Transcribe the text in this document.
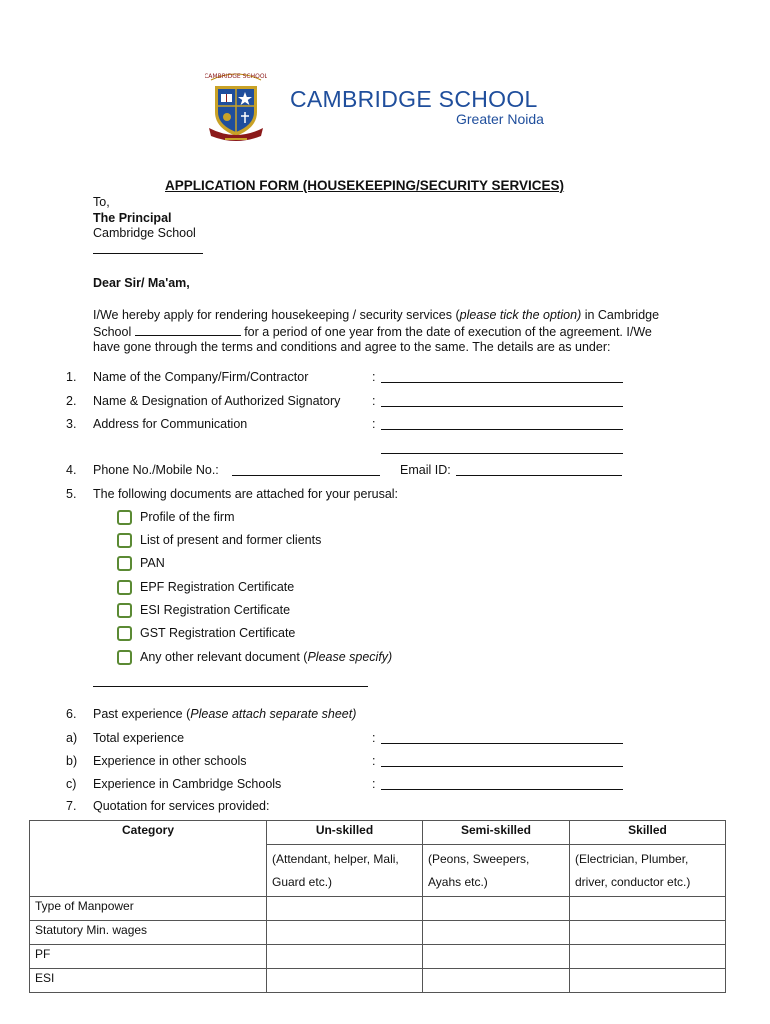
CAMBRIDGE SCHOOL
CAMBRIDGE SCHOOL
Greater Noida
APPLICATION FORM (HOUSEKEEPING/SECURITY SERVICES)
To,
The Principal
Cambridge School
Dear Sir/ Ma'am,
I/We hereby apply for rendering housekeeping / security services (please tick the option) in Cambridge
School	for a period of one year from the date of execution of the agreement. I/We
have gone through the terms and conditions and agree to the same. The details are as under:
1. Name of the Company/Firm/Contractor	:
2. Name & Designation of Authorized Signatory	:
3. Address for Communication	:
4. Phone No./Mobile No.:	Email ID:
5. The following documents are attached for your perusal:
Profile of the firm
List of present and former clients
PAN
EPF Registration Certificate
ESI Registration Certificate
GST Registration Certificate
Any other relevant document (Please specify)
6. Past experience (Please attach separate sheet)
a) Total experience	:
b) Experience in other schools	:
c) Experience in Cambridge Schools	:
7. Quotation for services provided:
Category	Un-skilled	Semi-skilled	Skilled
	(Attendant, helper, Mali,	(Peons, Sweepers,	(Electrician, Plumber,
	Guard etc.)	Ayahs etc.)	driver, conductor etc.)
Type of Manpower			
Statutory Min. wages			
PF			
ESI			
